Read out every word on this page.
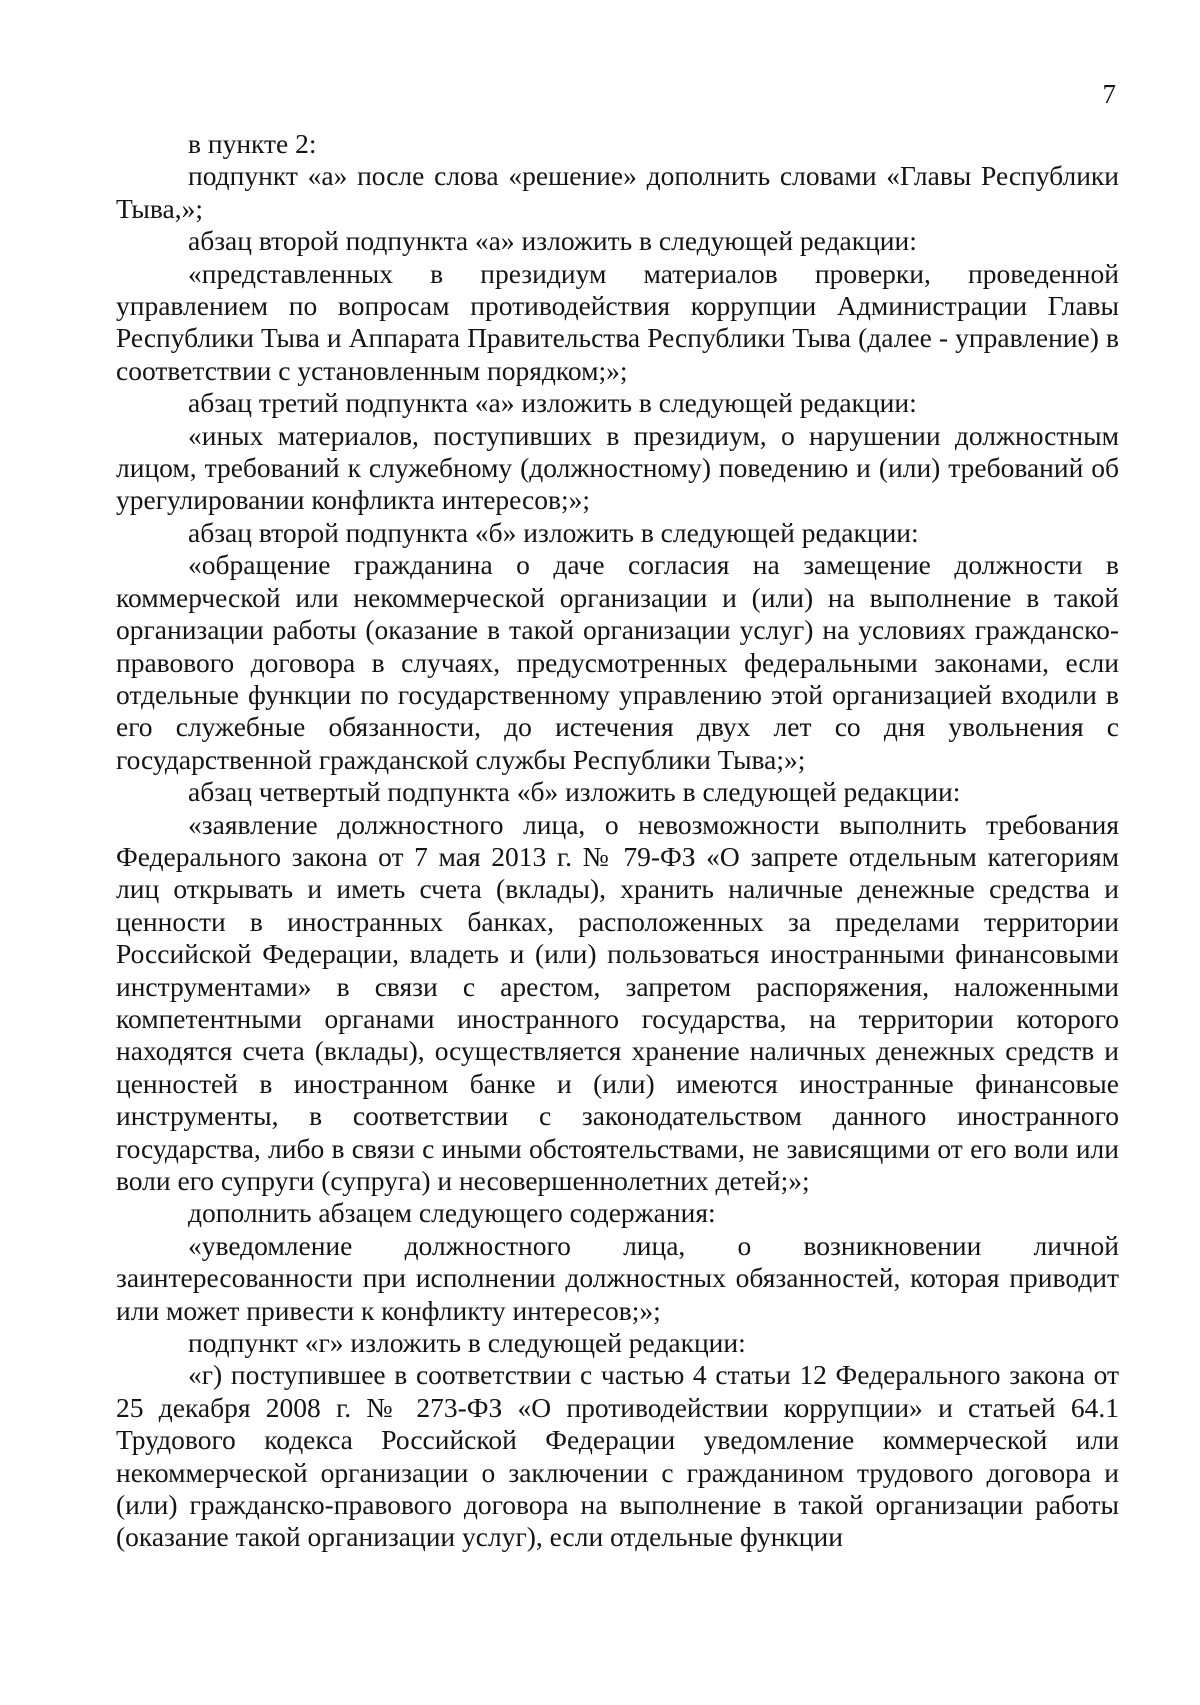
7

в пункте 2:

подпункт «а» после слова «решение» дополнить словами «Главы Республики Тыва,»;

абзац второй подпункта «а» изложить в следующей редакции:

«представленных в президиум материалов проверки, проведенной управлением по вопросам противодействия коррупции Администрации Главы Республики Тыва и Аппарата Правительства Республики Тыва (далее - управление) в соответствии с установленным порядком;»;

абзац третий подпункта «а» изложить в следующей редакции:

«иных материалов, поступивших в президиум, о нарушении должностным лицом, требований к служебному (должностному) поведению и (или) требований об урегулировании конфликта интересов;»;

абзац второй подпункта «б» изложить в следующей редакции:

«обращение гражданина о даче согласия на замещение должности в коммерческой или некоммерческой организации и (или) на выполнение в такой организации работы (оказание в такой организации услуг) на условиях гражданско-правового договора в случаях, предусмотренных федеральными законами, если отдельные функции по государственному управлению этой организацией входили в его служебные обязанности, до истечения двух лет со дня увольнения с государственной гражданской службы Республики Тыва;»;

абзац четвертый подпункта «б» изложить в следующей редакции:

«заявление должностного лица, о невозможности выполнить требования Федерального закона от 7 мая 2013 г. № 79-ФЗ «О запрете отдельным категориям лиц открывать и иметь счета (вклады), хранить наличные денежные средства и ценности в иностранных банках, расположенных за пределами территории Российской Федерации, владеть и (или) пользоваться иностранными финансовыми инструментами» в связи с арестом, запретом распоряжения, наложенными компетентными органами иностранного государства, на территории которого находятся счета (вклады), осуществляется хранение наличных денежных средств и ценностей в иностранном банке и (или) имеются иностранные финансовые инструменты, в соответствии с законодательством данного иностранного государства, либо в связи с иными обстоятельствами, не зависящими от его воли или воли его супруги (супруга) и несовершеннолетних детей;»;

дополнить абзацем следующего содержания:

«уведомление должностного лица, о возникновении личной заинтересованности при исполнении должностных обязанностей, которая приводит или может привести к конфликту интересов;»;

подпункт «г» изложить в следующей редакции:

«г) поступившее в соответствии с частью 4 статьи 12 Федерального закона от 25 декабря 2008 г. № 273-ФЗ «О противодействии коррупции» и статьей 64.1 Трудового кодекса Российской Федерации уведомление коммерческой или некоммерческой организации о заключении с гражданином трудового договора и (или) гражданско-правового договора на выполнение в такой организации работы (оказание такой организации услуг), если отдельные функции
